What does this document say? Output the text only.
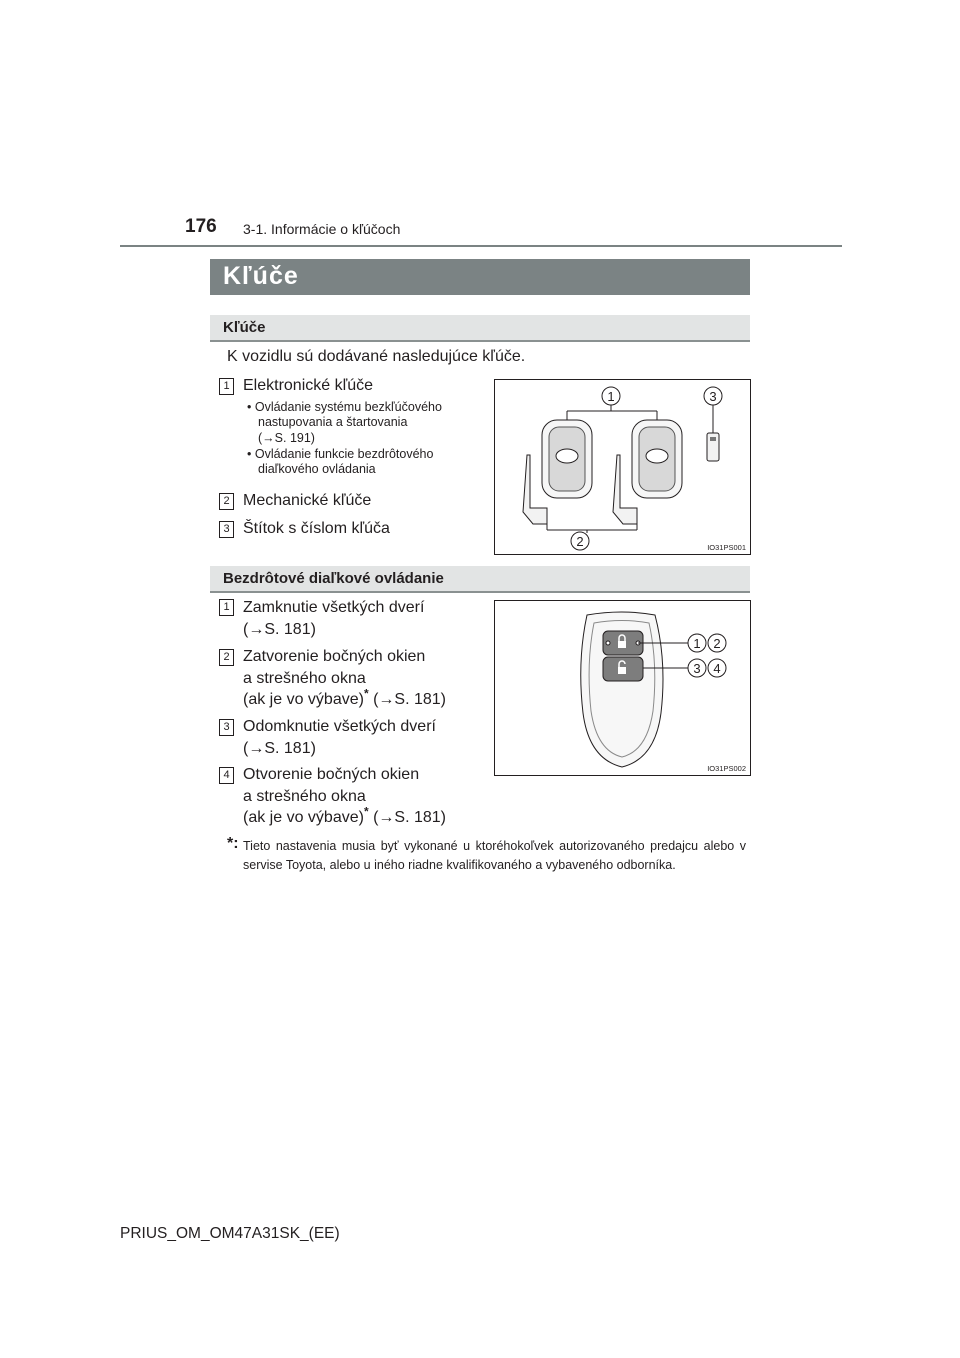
176 3-1. Informácie o kľúčoch
Kľúče
Kľúče
K vozidlu sú dodávané nasledujúce kľúče.
1 Elektronické kľúče
• Ovládanie systému bezkľúčového
nastupovania a štartovania
(→S. 191)
• Ovládanie funkcie bezdrôtového
diaľkového ovládania
2 Mechanické kľúče
3 Štítok s číslom kľúča
1	3
2	IO31PS001
Bezdrôtové diaľkové ovládanie
1 Zamknutie všetkých dverí
(→S. 181)
2 Zatvorenie bočných okien
a strešného okna
(ak je vo výbave)* (→S. 181)
3 Odomknutie všetkých dverí
(→S. 181)
4 Otvorenie bočných okien
a strešného okna
(ak je vo výbave)* (→S. 181)
1 2
3 4
IO31PS002
*: Tieto nastavenia musia byť vykonané u ktoréhokoľvek autorizovaného predajcu alebo v servise Toyota, alebo u iného riadne kvalifikovaného a vybaveného odborníka.
PRIUS_OM_OM47A31SK_(EE)
